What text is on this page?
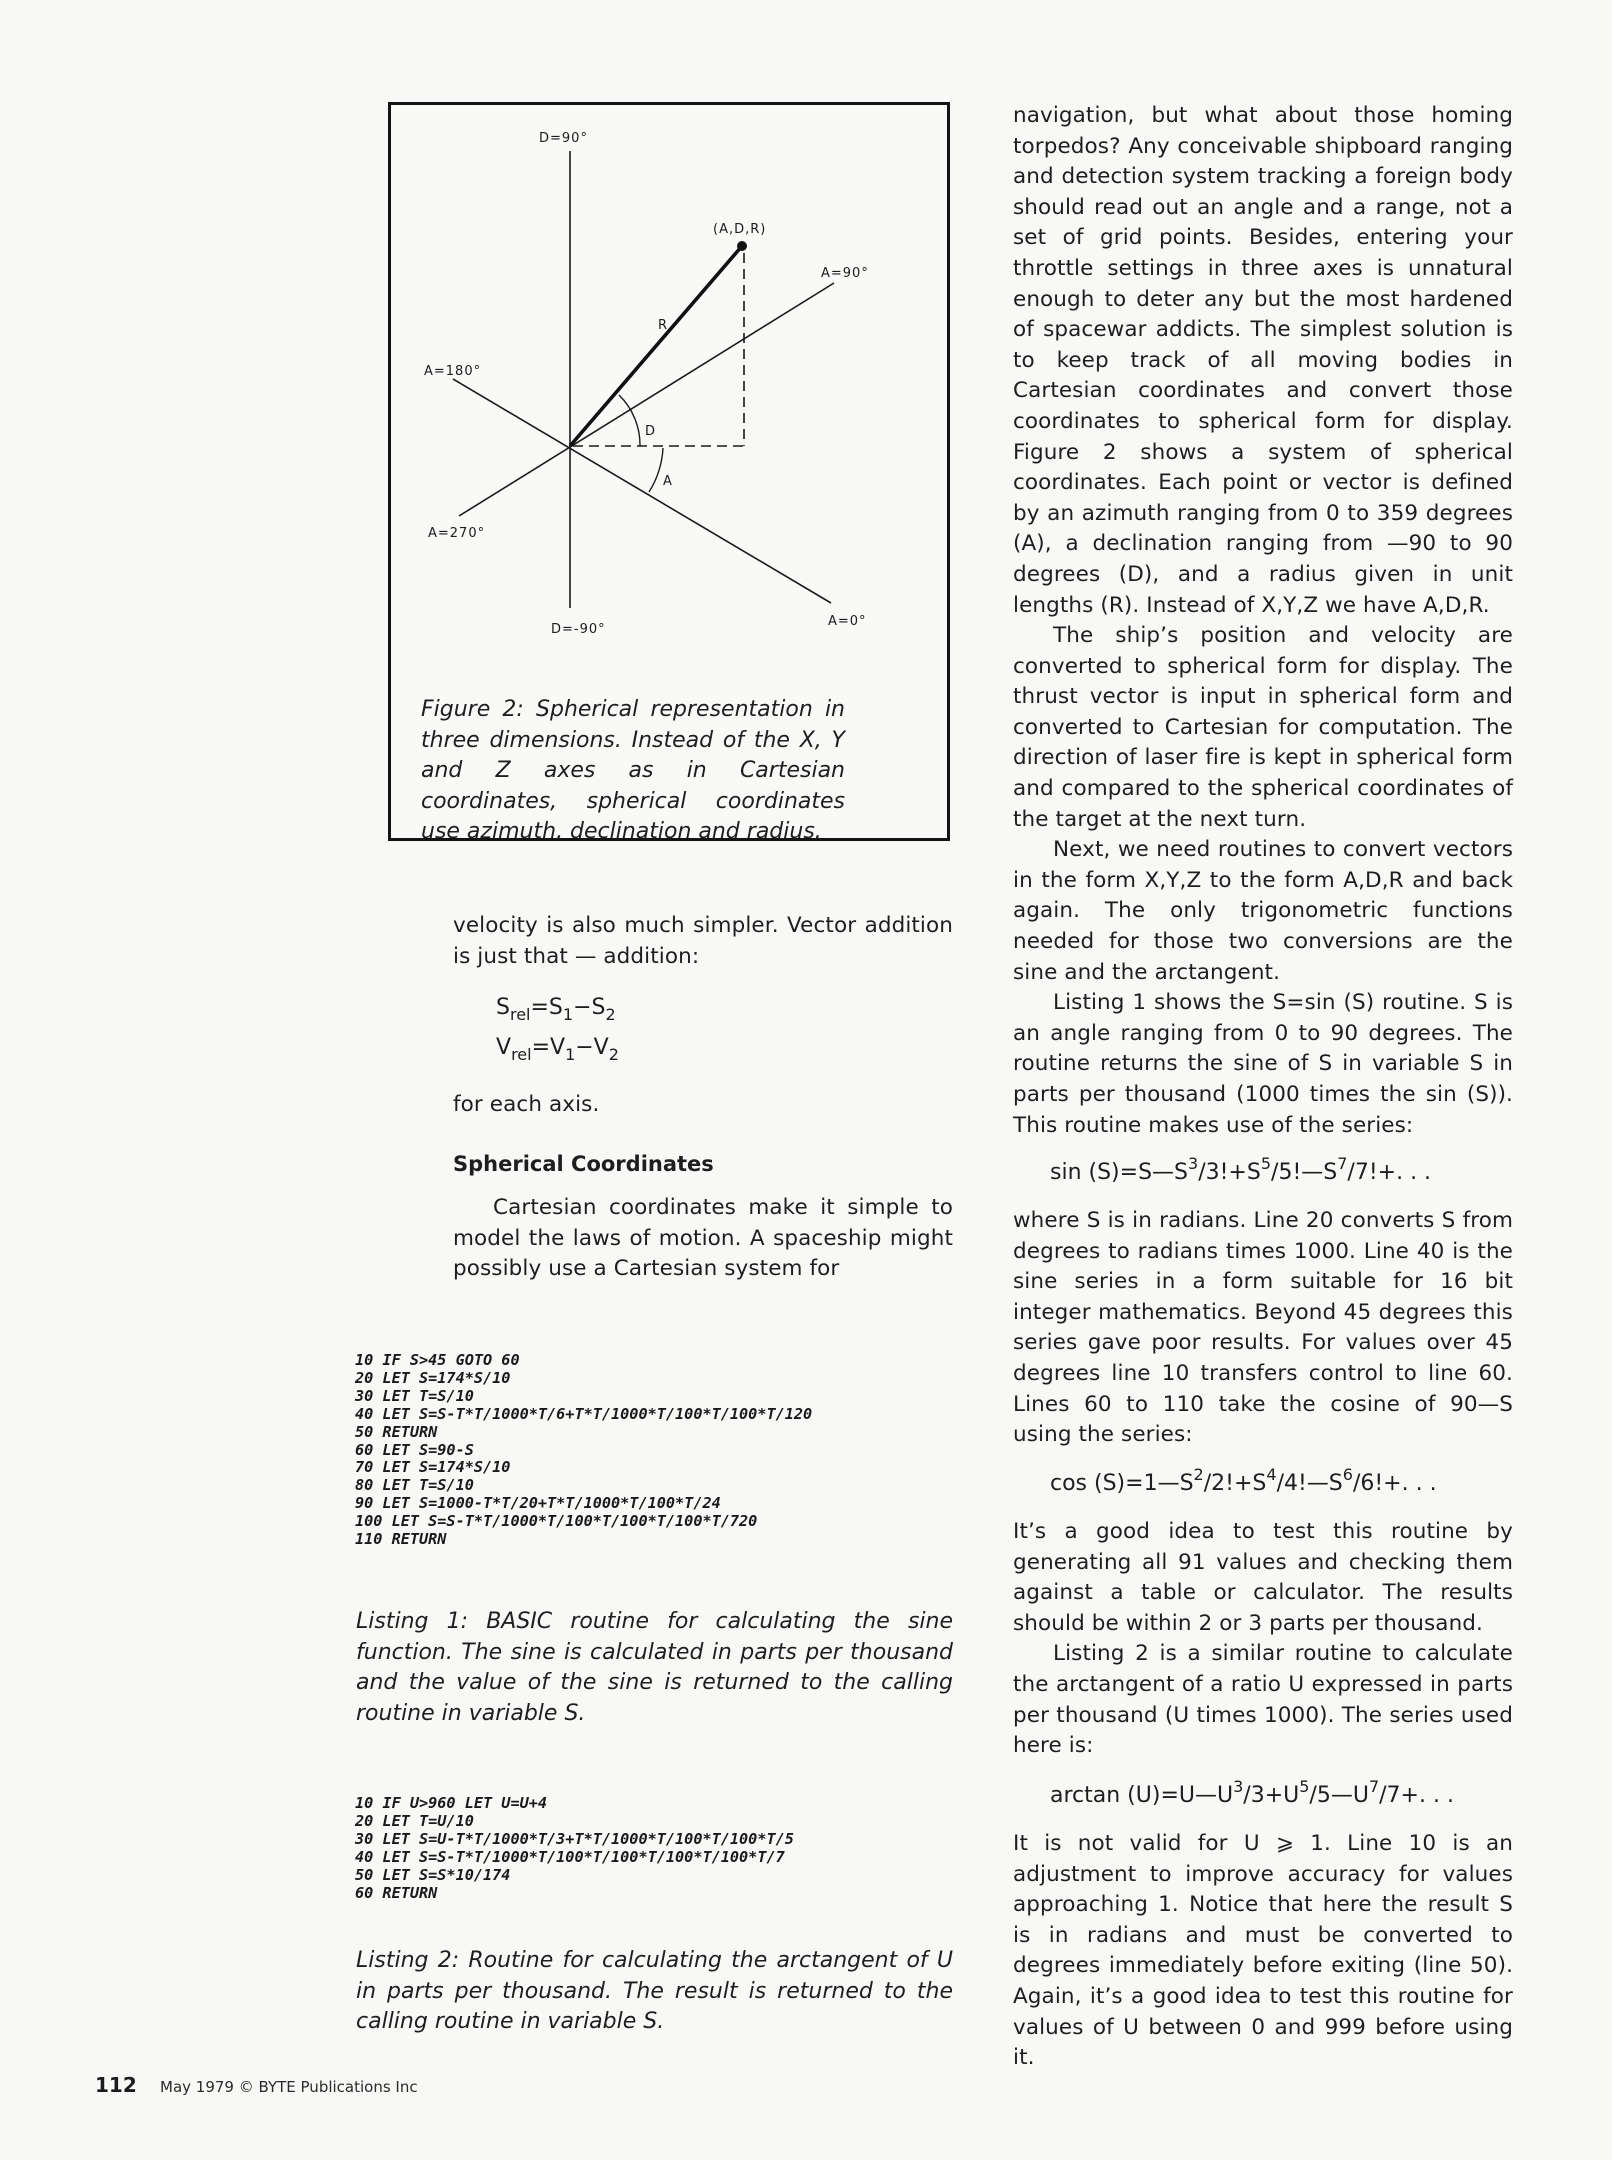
D=90°
D=-90°
A=90°
A=180°
A=270°
A=0°
(A,D,R)
R
D
A
Figure 2: Spherical representation in three dimensions. Instead of the X, Y and Z axes as in Cartesian coordinates, spherical coordinates use azimuth, declination and radius.

velocity is also much simpler. Vector addition is just that — addition:

$S_{rel}=S_1-S_2$
$V_{rel}=V_1-V_2$
for each axis.
Spherical Coordinates

Cartesian coordinates make it simple to model the laws of motion. A spaceship might possibly use a Cartesian system for

10 IF S>45 GOTO 60
20 LET S=174*S/10
30 LET T=S/10
40 LET S=S-T*T/1000*T/6+T*T/1000*T/100*T/100*T/120
50 RETURN
60 LET S=90-S
70 LET S=174*S/10
80 LET T=S/10
90 LET S=1000-T*T/20+T*T/1000*T/100*T/24
100 LET S=S-T*T/1000*T/100*T/100*T/100*T/720
110 RETURN
Listing 1: BASIC routine for calculating the sine function. The sine is calculated in parts per thousand and the value of the sine is returned to the calling routine in variable S.
10 IF U>960 LET U=U+4
20 LET T=U/10
30 LET S=U-T*T/1000*T/3+T*T/1000*T/100*T/100*T/5
40 LET S=S-T*T/1000*T/100*T/100*T/100*T/100*T/7
50 LET S=S*10/174
60 RETURN
Listing 2: Routine for calculating the arctangent of U in parts per thousand. The result is returned to the calling routine in variable S.

navigation, but what about those homing torpedos? Any conceivable shipboard ranging and detection system tracking a foreign body should read out an angle and a range, not a set of grid points. Besides, entering your throttle settings in three axes is unnatural enough to deter any but the most hardened of spacewar addicts. The simplest solution is to keep track of all moving bodies in Cartesian coordinates and convert those coordinates to spherical form for display. Figure 2 shows a system of spherical coordinates. Each point or vector is defined by an azimuth ranging from 0 to 359 degrees (A), a declination ranging from —90 to 90 degrees (D), and a radius given in unit lengths (R). Instead of X,Y,Z we have A,D,R.

The ship’s position and velocity are converted to spherical form for display. The thrust vector is input in spherical form and converted to Cartesian for computation. The direction of laser fire is kept in spherical form and compared to the spherical coordinates of the target at the next turn.

Next, we need routines to convert vectors in the form X,Y,Z to the form A,D,R and back again. The only trigonometric functions needed for those two conversions are the sine and the arctangent.

Listing 1 shows the S=sin (S) routine. S is an angle ranging from 0 to 90 degrees. The routine returns the sine of S in variable S in parts per thousand (1000 times the sin (S)). This routine makes use of the series:

$\sin (S)=S—S^3/3!+S^5/5!—S^7/7!+$. . .

where S is in radians. Line 20 converts S from degrees to radians times 1000. Line 40 is the sine series in a form suitable for 16 bit integer mathematics. Beyond 45 degrees this series gave poor results. For values over 45 degrees line 10 transfers control to line 60. Lines 60 to 110 take the cosine of 90—S using the series:

$\cos (S)=1—S^2/2!+S^4/4!—S^6/6!+$. . .

It’s a good idea to test this routine by generating all 91 values and checking them against a table or calculator. The results should be within 2 or 3 parts per thousand.

Listing 2 is a similar routine to calculate the arctangent of a ratio U expressed in parts per thousand (U times 1000). The series used here is:

$\arctan (U)=U—U^3/3+U^5/5—U^7/7+$. . .

It is not valid for U ⩾ 1. Line 10 is an adjustment to improve accuracy for values approaching 1. Notice that here the result S is in radians and must be converted to degrees immediately before exiting (line 50). Again, it’s a good idea to test this routine for values of U between 0 and 999 before using it.

112 May 1979 © BYTE Publications Inc
